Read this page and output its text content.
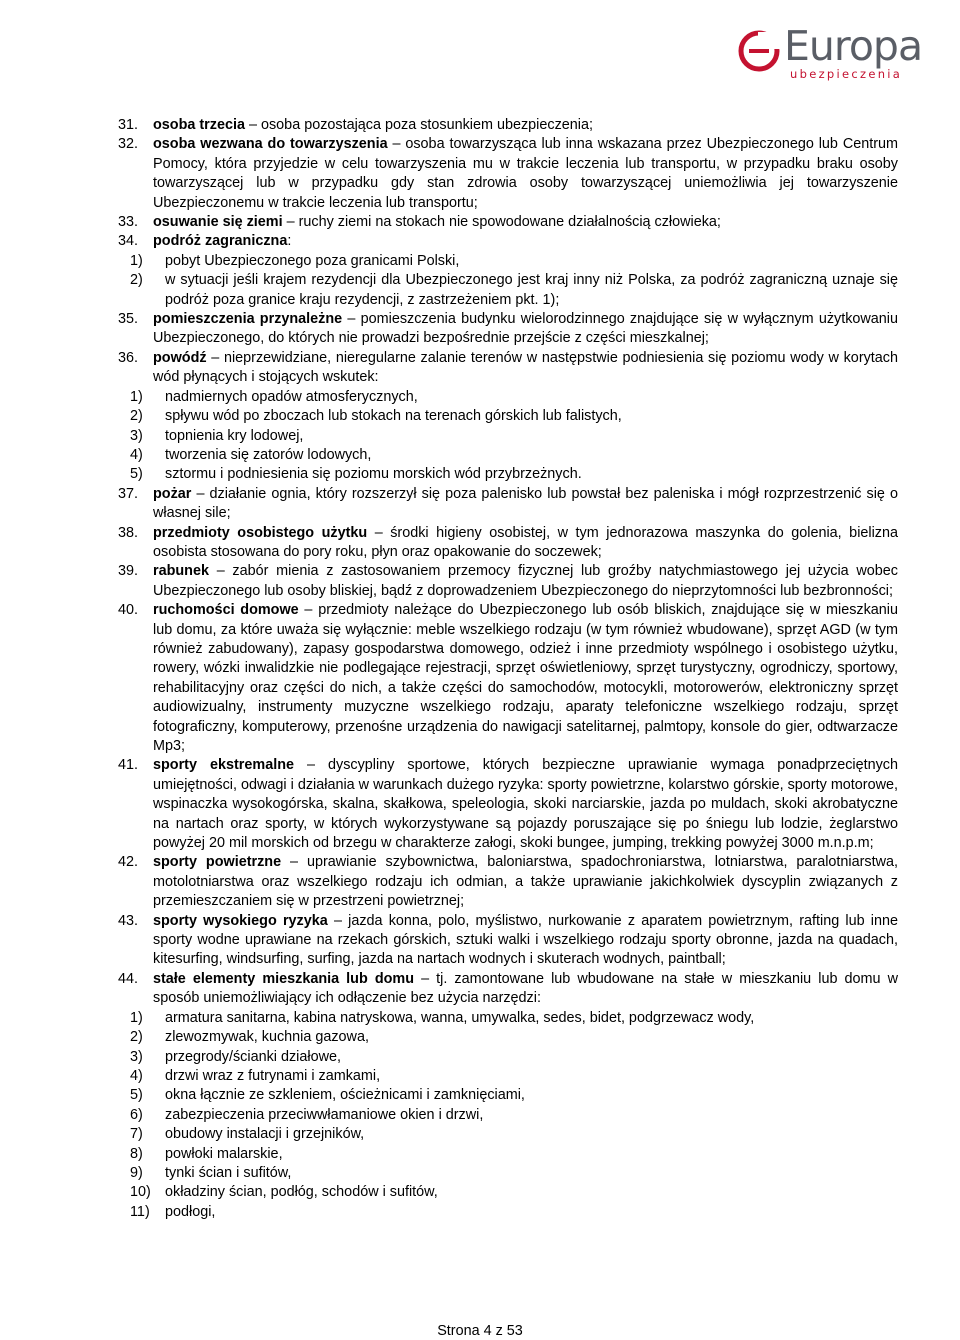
Europa
ubezpieczenia
31. osoba trzecia – osoba pozostająca poza stosunkiem ubezpieczenia;
32. osoba wezwana do towarzyszenia – osoba towarzysząca lub inna wskazana przez Ubezpieczonego lub Centrum Pomocy, która przyjedzie w celu towarzyszenia mu w trakcie leczenia lub transportu, w przypadku braku osoby towarzyszącej lub w przypadku gdy stan zdrowia osoby towarzyszącej uniemożliwia jej towarzyszenie Ubezpieczonemu w trakcie leczenia lub transportu;
33. osuwanie się ziemi – ruchy ziemi na stokach nie spowodowane działalnością człowieka;
34. podróż zagraniczna:
1) pobyt Ubezpieczonego poza granicami Polski,
2) w sytuacji jeśli krajem rezydencji dla Ubezpieczonego jest kraj inny niż Polska, za podróż zagraniczną uznaje się podróż poza granice kraju rezydencji, z zastrzeżeniem pkt. 1);
35. pomieszczenia przynależne – pomieszczenia budynku wielorodzinnego znajdujące się w wyłącznym użytkowaniu Ubezpieczonego, do których nie prowadzi bezpośrednie przejście z części mieszkalnej;
36. powódź – nieprzewidziane, nieregularne zalanie terenów w następstwie podniesienia się poziomu wody w korytach wód płynących i stojących wskutek:
1) nadmiernych opadów atmosferycznych,
2) spływu wód po zboczach lub stokach na terenach górskich lub falistych,
3) topnienia kry lodowej,
4) tworzenia się zatorów lodowych,
5) sztormu i podniesienia się poziomu morskich wód przybrzeżnych.
37. pożar – działanie ognia, który rozszerzył się poza palenisko lub powstał bez paleniska i mógł rozprzestrzenić się o własnej sile;
38. przedmioty osobistego użytku – środki higieny osobistej, w tym jednorazowa maszynka do golenia, bielizna osobista stosowana do pory roku, płyn oraz opakowanie do soczewek;
39. rabunek – zabór mienia z zastosowaniem przemocy fizycznej lub groźby natychmiastowego jej użycia wobec Ubezpieczonego lub osoby bliskiej, bądź z doprowadzeniem Ubezpieczonego do nieprzytomności lub bezbronności;
40. ruchomości domowe – przedmioty należące do Ubezpieczonego lub osób bliskich, znajdujące się w mieszkaniu lub domu, za które uważa się wyłącznie: meble wszelkiego rodzaju (w tym również wbudowane), sprzęt AGD (w tym również zabudowany), zapasy gospodarstwa domowego, odzież i inne przedmioty wspólnego i osobistego użytku, rowery, wózki inwalidzkie nie podlegające rejestracji, sprzęt oświetleniowy, sprzęt turystyczny, ogrodniczy, sportowy, rehabilitacyjny oraz części do nich, a także części do samochodów, motocykli, motorowerów, elektroniczny sprzęt audiowizualny, instrumenty muzyczne wszelkiego rodzaju, aparaty telefoniczne wszelkiego rodzaju, sprzęt fotograficzny, komputerowy, przenośne urządzenia do nawigacji satelitarnej, palmtopy, konsole do gier, odtwarzacze Mp3;
41. sporty ekstremalne – dyscypliny sportowe, których bezpieczne uprawianie wymaga ponadprzeciętnych umiejętności, odwagi i działania w warunkach dużego ryzyka: sporty powietrzne, kolarstwo górskie, sporty motorowe, wspinaczka wysokogórska, skalna, skałkowa, speleologia, skoki narciarskie, jazda po muldach, skoki akrobatyczne na nartach oraz sporty, w których wykorzystywane są pojazdy poruszające się po śniegu lub lodzie, żeglarstwo powyżej 20 mil morskich od brzegu w charakterze załogi, skoki bungee, jumping, trekking powyżej 3000 m.n.p.m;
42. sporty powietrzne – uprawianie szybownictwa, baloniarstwa, spadochroniarstwa, lotniarstwa, paralotniarstwa, motolotniarstwa oraz wszelkiego rodzaju ich odmian, a także uprawianie jakichkolwiek dyscyplin związanych z przemieszczaniem się w przestrzeni powietrznej;
43. sporty wysokiego ryzyka – jazda konna, polo, myślistwo, nurkowanie z aparatem powietrznym, rafting lub inne sporty wodne uprawiane na rzekach górskich, sztuki walki i wszelkiego rodzaju sporty obronne, jazda na quadach, kitesurfing, windsurfing, surfing, jazda na nartach wodnych i skuterach wodnych, paintball;
44. stałe elementy mieszkania lub domu – tj. zamontowane lub wbudowane na stałe w mieszkaniu lub domu w sposób uniemożliwiający ich odłączenie bez użycia narzędzi:
1) armatura sanitarna, kabina natryskowa, wanna, umywalka, sedes, bidet, podgrzewacz wody,
2) zlewozmywak, kuchnia gazowa,
3) przegrody/ścianki działowe,
4) drzwi wraz z futrynami i zamkami,
5) okna łącznie ze szkleniem, ościeżnicami i zamknięciami,
6) zabezpieczenia przeciwwłamaniowe okien i drzwi,
7) obudowy instalacji i grzejników,
8) powłoki malarskie,
9) tynki ścian i sufitów,
10) okładziny ścian, podłóg, schodów i sufitów,
11) podłogi,
Strona 4 z 53
